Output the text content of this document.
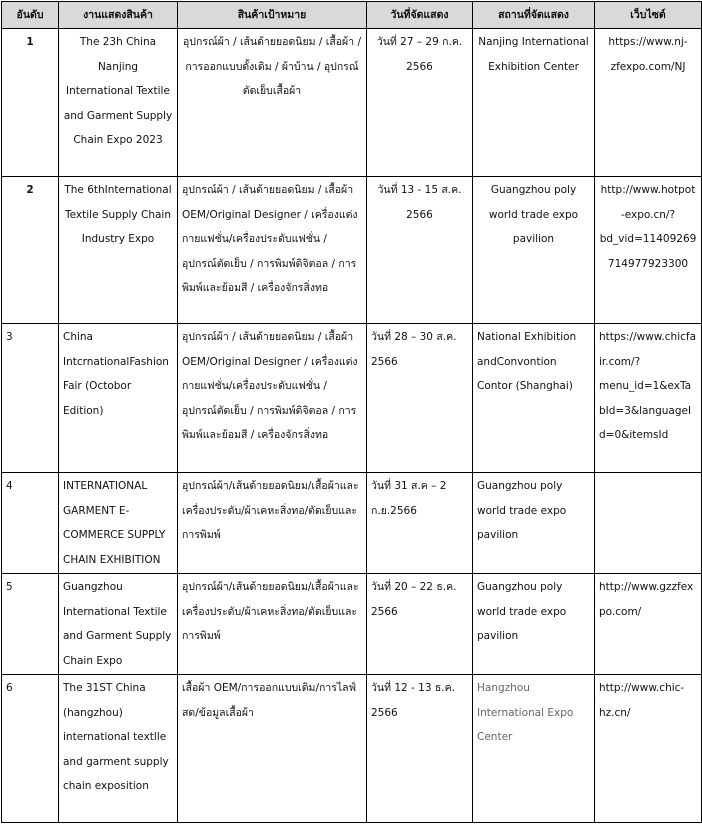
อันดับ	งานแสดงสินค้า	สินค้าเป้าหมาย	วันที่จัดแสดง	สถานที่จัดแสดง	เว็บไซต์
1	The 23h China Nanjing International Textile and Garment Supply Chain Expo 2023	อุปกรณ์ผ้า / เส้นด้ายยอดนิยม / เสื้อผ้า / การออกแบบดั้งเดิม / ผ้าบ้าน / อุปกรณ์ตัดเย็บเสื้อผ้า	วันที่ 27 – 29 ก.ค. 2566	Nanjing International Exhibition Center	https://www.nj-zfexpo.com/NJ
2	The 6thInternational Textile Supply Chain Industry Expo	อุปกรณ์ผ้า / เส้นด้ายยอดนิยม / เสื้อผ้า OEM/Original Designer / เครื่องแต่งกายแฟชั่น/เครื่องประดับแฟชั่น / อุปกรณ์ตัดเย็บ / การพิมพ์ดิจิตอล / การพิมพ์และย้อมสี / เครื่องจักรสิ่งทอ	วันที่ 13 - 15 ส.ค. 2566	Guangzhou poly world trade expo pavilion	http://www.hotpot-expo.cn/?bd_vid=11409269714977923300
3	China IntcrnationalFashion Fair (Octobor Edition)	อุปกรณ์ผ้า / เส้นด้ายยอดนิยม / เสื้อผ้า OEM/Original Designer / เครื่องแต่งกายแฟชั่น/เครื่องประดับแฟชั่น / อุปกรณ์ตัดเย็บ / การพิมพ์ดิจิตอล / การพิมพ์และย้อมสี / เครื่องจักรสิ่งทอ	วันที่ 28 – 30 ส.ค. 2566	National Exhibition andConvontion Contor (Shanghai)	https://www.chicfair.com/?menu_id=1&exTabId=3&languageId=0&itemsId
4	INTERNATIONAL GARMENT E-COMMERCE SUPPLY CHAIN EXHIBITION	อุปกรณ์ผ้า/เส้นด้ายยอดนิยม/เสื้อผ้าและเครื่องประดับ/ผ้าเคหะสิ่งทอ/ตัดเย็บและการพิมพ์	วันที่ 31 ส.ค – 2 ก.ย.2566	Guangzhou poly world trade expo pavilion	
5	Guangzhou International Textile and Garment Supply Chain Expo	อุปกรณ์ผ้า/เส้นด้ายยอดนิยม/เสื้อผ้าและเครื่องประดับ/ผ้าเคหะสิ่งทอ/ตัดเย็บและการพิมพ์	วันที่ 20 – 22 ธ.ค. 2566	Guangzhou poly world trade expo pavilion	http://www.gzzfexpo.com/
6	The 31ST China (hangzhou) international textlle and garment supply chain exposition	เสื้อผ้า OEM/การออกแบบเดิม/การไลฟ์สด/ข้อมูลเสื้อผ้า	วันที่ 12 - 13 ธ.ค. 2566	Hangzhou International Expo Center	http://www.chic-hz.cn/
